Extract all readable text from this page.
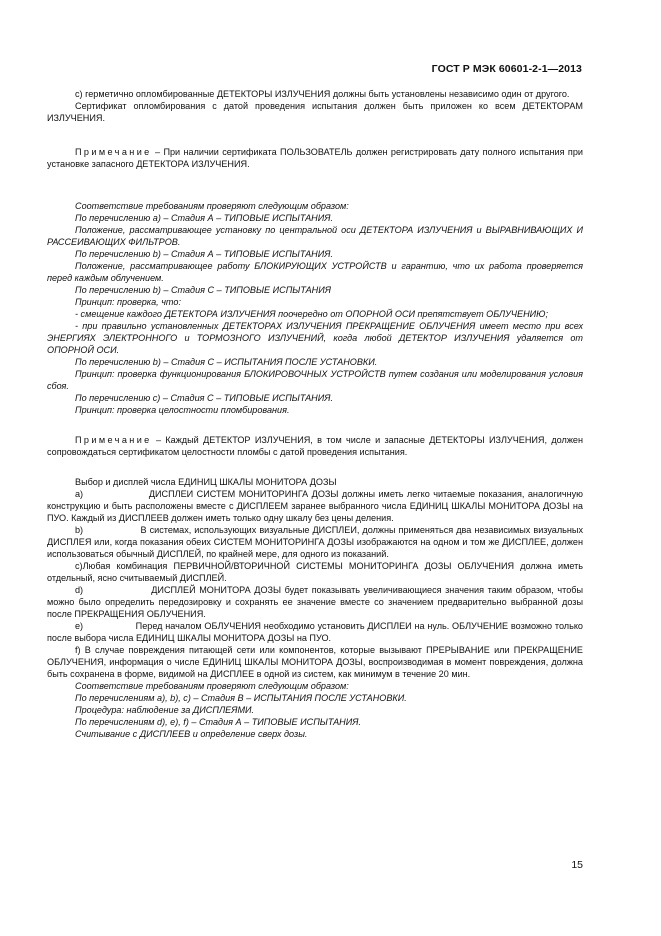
ГОСТ Р МЭК 60601-2-1—2013

c) герметично опломбированные ДЕТЕКТОРЫ ИЗЛУЧЕНИЯ должны быть установлены независимо один от другого.

Сертификат опломбирования с датой проведения испытания должен быть приложен ко всем ДЕТЕКТОРАМ ИЗЛУЧЕНИЯ.

Примечание – При наличии сертификата ПОЛЬЗОВАТЕЛЬ должен регистрировать дату полного испытания при установке запасного ДЕТЕКТОРА ИЗЛУЧЕНИЯ.

Соответствие требованиям проверяют следующим образом:

По перечислению а) – Стадия А – ТИПОВЫЕ ИСПЫТАНИЯ.

Положение, рассматривающее установку по центральной оси ДЕТЕКТОРА ИЗЛУЧЕНИЯ и ВЫРАВНИВАЮЩИХ И РАССЕИВАЮЩИХ ФИЛЬТРОВ.

По перечислению b) – Стадия А – ТИПОВЫЕ ИСПЫТАНИЯ.

Положение, рассматривающее работу БЛОКИРУЮЩИХ УСТРОЙСТВ и гарантию, что их работа проверяется перед каждым облучением.

По перечислению b) – Стадия С – ТИПОВЫЕ ИСПЫТАНИЯ

Принцип: проверка, что:

- смещение каждого ДЕТЕКТОРА ИЗЛУЧЕНИЯ поочередно от ОПОРНОЙ ОСИ препятствует ОБЛУЧЕНИЮ;

- при правильно установленных ДЕТЕКТОРАХ ИЗЛУЧЕНИЯ ПРЕКРАЩЕНИЕ ОБЛУЧЕНИЯ имеет место при всех ЭНЕРГИЯХ ЭЛЕКТРОННОГО и ТОРМОЗНОГО ИЗЛУЧЕНИЙ, когда любой ДЕТЕКТОР ИЗЛУЧЕНИЯ удаляется от ОПОРНОЙ ОСИ.

По перечислению b) – Стадия С – ИСПЫТАНИЯ ПОСЛЕ УСТАНОВКИ.

Принцип: проверка функционирования БЛОКИРОВОЧНЫХ УСТРОЙСТВ путем создания или моделирования условия сбоя.

По перечислению с) – Стадия С – ТИПОВЫЕ ИСПЫТАНИЯ.

Принцип: проверка целостности пломбирования.

Примечание – Каждый ДЕТЕКТОР ИЗЛУЧЕНИЯ, в том числе и запасные ДЕТЕКТОРЫ ИЗЛУЧЕНИЯ, должен сопровождаться сертификатом целостности пломбы с датой проведения испытания.

Выбор и дисплей числа ЕДИНИЦ ШКАЛЫ МОНИТОРА ДОЗЫ

a)                   ДИСПЛЕИ СИСТЕМ МОНИТОРИНГА ДОЗЫ должны иметь легко читаемые показания, аналогичную конструкцию и быть расположены вместе с ДИСПЛЕЕМ заранее выбранного числа ЕДИНИЦ ШКАЛЫ МОНИТОРА ДОЗЫ на ПУО. Каждый из ДИСПЛЕЕВ должен иметь только одну шкалу без цены деления.

b)                   В системах, использующих визуальные ДИСПЛЕИ, должны применяться два независимых визуальных ДИСПЛЕЯ или, когда показания обеих СИСТЕМ МОНИТОРИНГА ДОЗЫ изображаются на одном и том же ДИСПЛЕЕ, должен использоваться обычный ДИСПЛЕЙ, по крайней мере, для одного из показаний.

c)Любая комбинация ПЕРВИЧНОЙ/ВТОРИЧНОЙ СИСТЕМЫ МОНИТОРИНГА ДОЗЫ ОБЛУЧЕНИЯ должна иметь отдельный, ясно считываемый ДИСПЛЕЙ.

d)                   ДИСПЛЕЙ МОНИТОРА ДОЗЫ будет показывать увеличивающиеся значения таким образом, чтобы можно было определить передозировку и сохранять ее значение вместе со значением предварительно выбранной дозы после ПРЕКРАЩЕНИЯ ОБЛУЧЕНИЯ.

e)                   Перед началом ОБЛУЧЕНИЯ необходимо установить ДИСПЛЕИ на нуль. ОБЛУЧЕНИЕ возможно только после выбора числа ЕДИНИЦ ШКАЛЫ МОНИТОРА ДОЗЫ на ПУО.

f) В случае повреждения питающей сети или компонентов, которые вызывают ПРЕРЫВАНИЕ или ПРЕКРАЩЕНИЕ ОБЛУЧЕНИЯ, информация о числе ЕДИНИЦ ШКАЛЫ МОНИТОРА ДОЗЫ, воспроизводимая в момент повреждения, должна быть сохранена в форме, видимой на ДИСПЛЕЕ в одной из систем, как минимум в течение 20 мин.

Соответствие требованиям проверяют следующим образом:

По перечислениям а), b), с) – Стадия В – ИСПЫТАНИЯ ПОСЛЕ УСТАНОВКИ.

Процедура: наблюдение за ДИСПЛЕЯМИ.

По перечислениям d), e), f) – Стадия А – ТИПОВЫЕ ИСПЫТАНИЯ.

Считывание с ДИСПЛЕЕВ и определение сверх дозы.

15
